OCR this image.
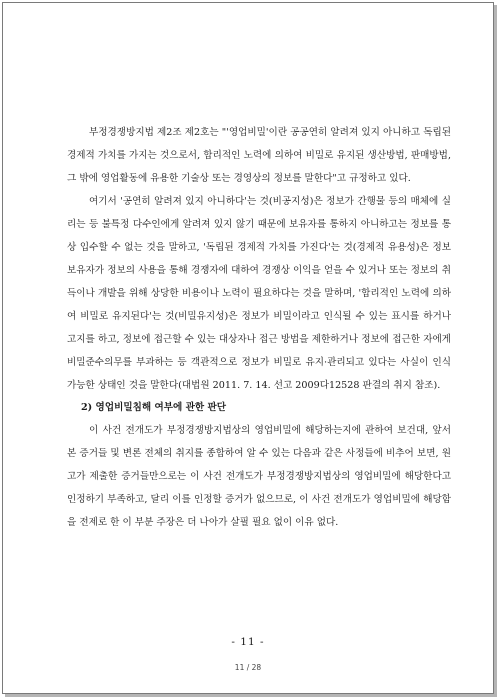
부정경쟁방지법 제2조 제2호는 "'영업비밀'이란 공공연히 알려져 있지 아니하고 독립된 경제적 가치를 가지는 것으로서, 합리적인 노력에 의하여 비밀로 유지된 생산방법, 판매방법, 그 밖에 영업활동에 유용한 기술상 또는 경영상의 정보를 말한다"고 규정하고 있다.

여기서 '공연히 알려져 있지 아니하다'는 것(비공지성)은 정보가 간행물 등의 매체에 실리는 등 불특정 다수인에게 알려져 있지 않기 때문에 보유자를 통하지 아니하고는 정보를 통상 입수할 수 없는 것을 말하고, '독립된 경제적 가치를 가진다'는 것(경제적 유용성)은 정보 보유자가 정보의 사용을 통해 경쟁자에 대하여 경쟁상 이익을 얻을 수 있거나 또는 정보의 취득이나 개발을 위해 상당한 비용이나 노력이 필요하다는 것을 말하며, '합리적인 노력에 의하여 비밀로 유지된다'는 것(비밀유지성)은 정보가 비밀이라고 인식될 수 있는 표시를 하거나 고지를 하고, 정보에 접근할 수 있는 대상자나 접근 방법을 제한하거나 정보에 접근한 자에게 비밀준수의무를 부과하는 등 객관적으로 정보가 비밀로 유지·관리되고 있다는 사실이 인식 가능한 상태인 것을 말한다(대법원 2011. 7. 14. 선고 2009다12528 판결의 취지 참조).

2) 영업비밀침해 여부에 관한 판단

이 사건 전개도가 부정경쟁방지법상의 영업비밀에 해당하는지에 관하여 보건대, 앞서 본 증거들 및 변론 전체의 취지를 종합하여 알 수 있는 다음과 같은 사정들에 비추어 보면, 원고가 제출한 증거들만으로는 이 사건 전개도가 부정경쟁방지법상의 영업비밀에 해당한다고 인정하기 부족하고, 달리 이를 인정할 증거가 없으므로, 이 사건 전개도가 영업비밀에 해당함을 전제로 한 이 부분 주장은 더 나아가 살필 필요 없이 이유 없다.

- 11 -
11 / 28
